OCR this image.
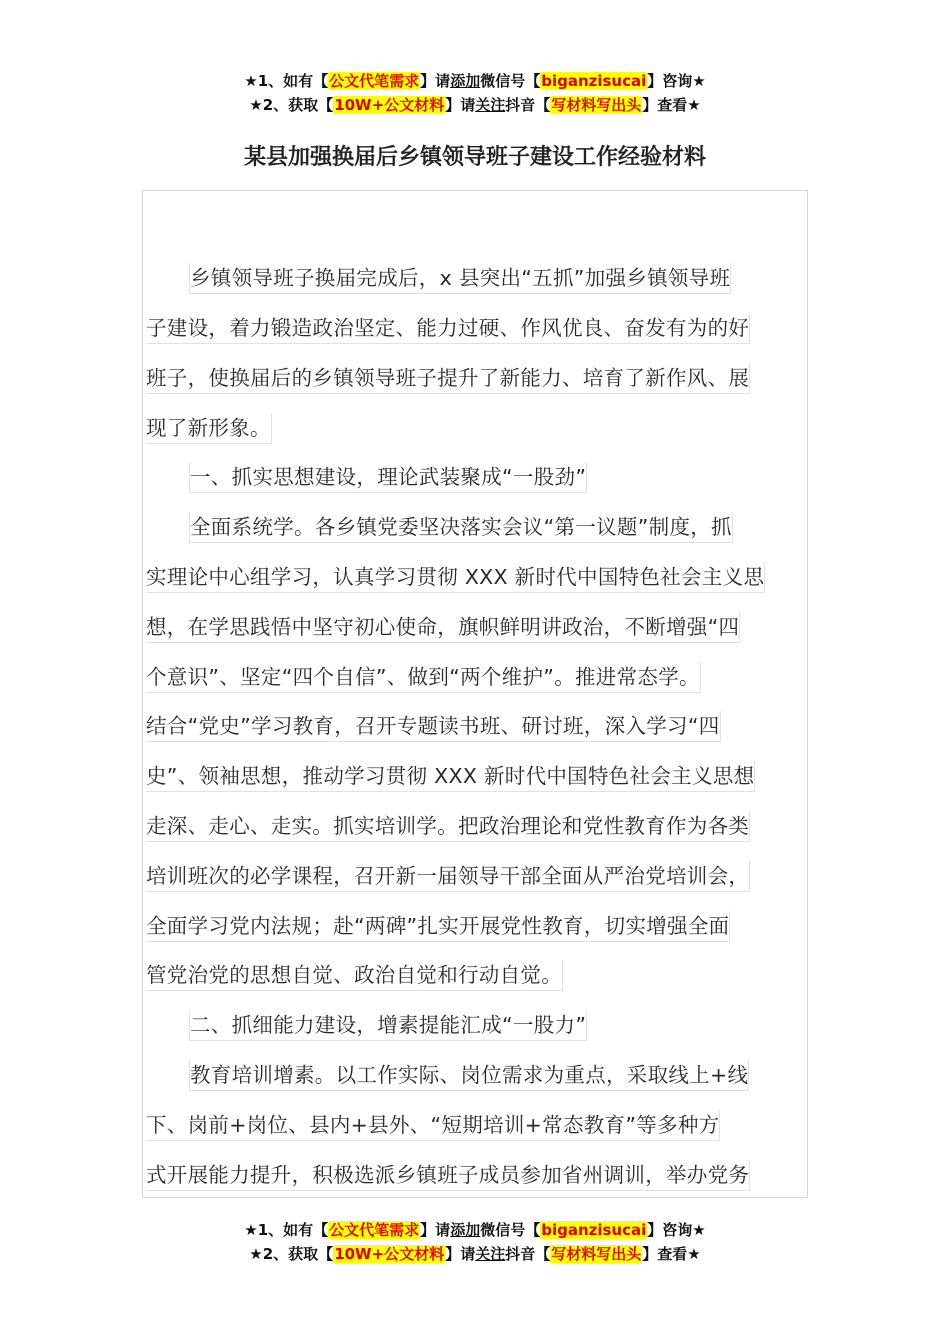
★1、如有【公文代笔需求】请添加微信号【biganzisucai】咨询★
★2、获取【10W+公文材料】请关注抖音【写材料写出头】查看★
某县加强换届后乡镇领导班子建设工作经验材料
乡镇领导班子换届完成后，x 县突出“五抓”加强乡镇领导班
子建设，着力锻造政治坚定、能力过硬、作风优良、奋发有为的好
班子，使换届后的乡镇领导班子提升了新能力、培育了新作风、展
现了新形象。
一、抓实思想建设，理论武装聚成“一股劲”
全面系统学。各乡镇党委坚决落实会议“第一议题”制度，抓
实理论中心组学习，认真学习贯彻 XXX 新时代中国特色社会主义思
想，在学思践悟中坚守初心使命，旗帜鲜明讲政治，不断增强“四
个意识”、坚定“四个自信”、做到“两个维护”。推进常态学。
结合“党史”学习教育，召开专题读书班、研讨班，深入学习“四
史”、领袖思想，推动学习贯彻 XXX 新时代中国特色社会主义思想
走深、走心、走实。抓实培训学。把政治理论和党性教育作为各类
培训班次的必学课程，召开新一届领导干部全面从严治党培训会，
全面学习党内法规；赴“两碑”扎实开展党性教育，切实增强全面
管党治党的思想自觉、政治自觉和行动自觉。
二、抓细能力建设，增素提能汇成“一股力”
教育培训增素。以工作实际、岗位需求为重点，采取线上+线
下、岗前+岗位、县内+县外、“短期培训+常态教育”等多种方
式开展能力提升，积极选派乡镇班子成员参加省州调训，举办党务
★1、如有【公文代笔需求】请添加微信号【biganzisucai】咨询★
★2、获取【10W+公文材料】请关注抖音【写材料写出头】查看★
